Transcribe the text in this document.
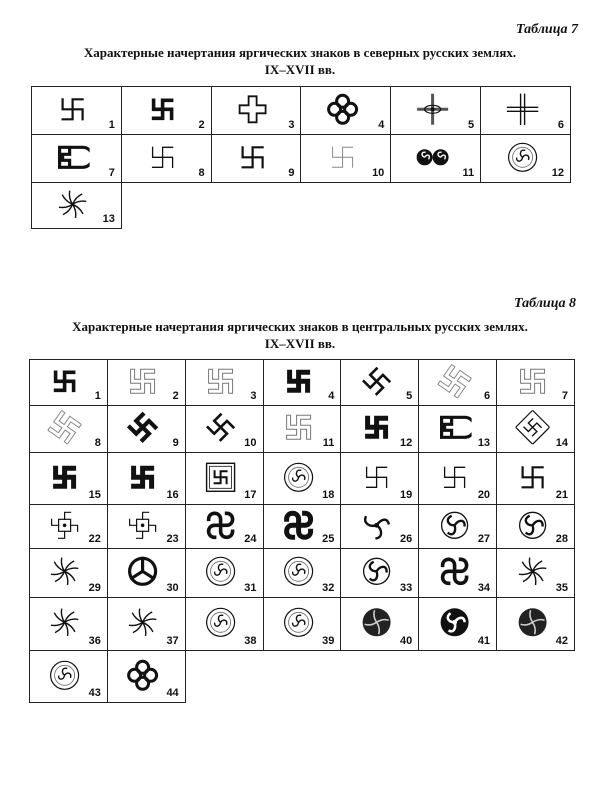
Таблица 7
Характерные начертания яргических знаков в северных русских землях.
IX–XVII вв.
1	2	3	4	5	6

7	8	9	10	11	12

13					

Таблица 8
Характерные начертания яргических знаков в центральных русских землях.
IX–XVII вв.
1	2	3	4	5	6	7

8	9	10	11	12	13	14

15	16	17	18	19	20	21

22	23	24	25	26	27	28

29	30	31	32	33	34	35

36	37	38	39	40	41	42

43	44					
